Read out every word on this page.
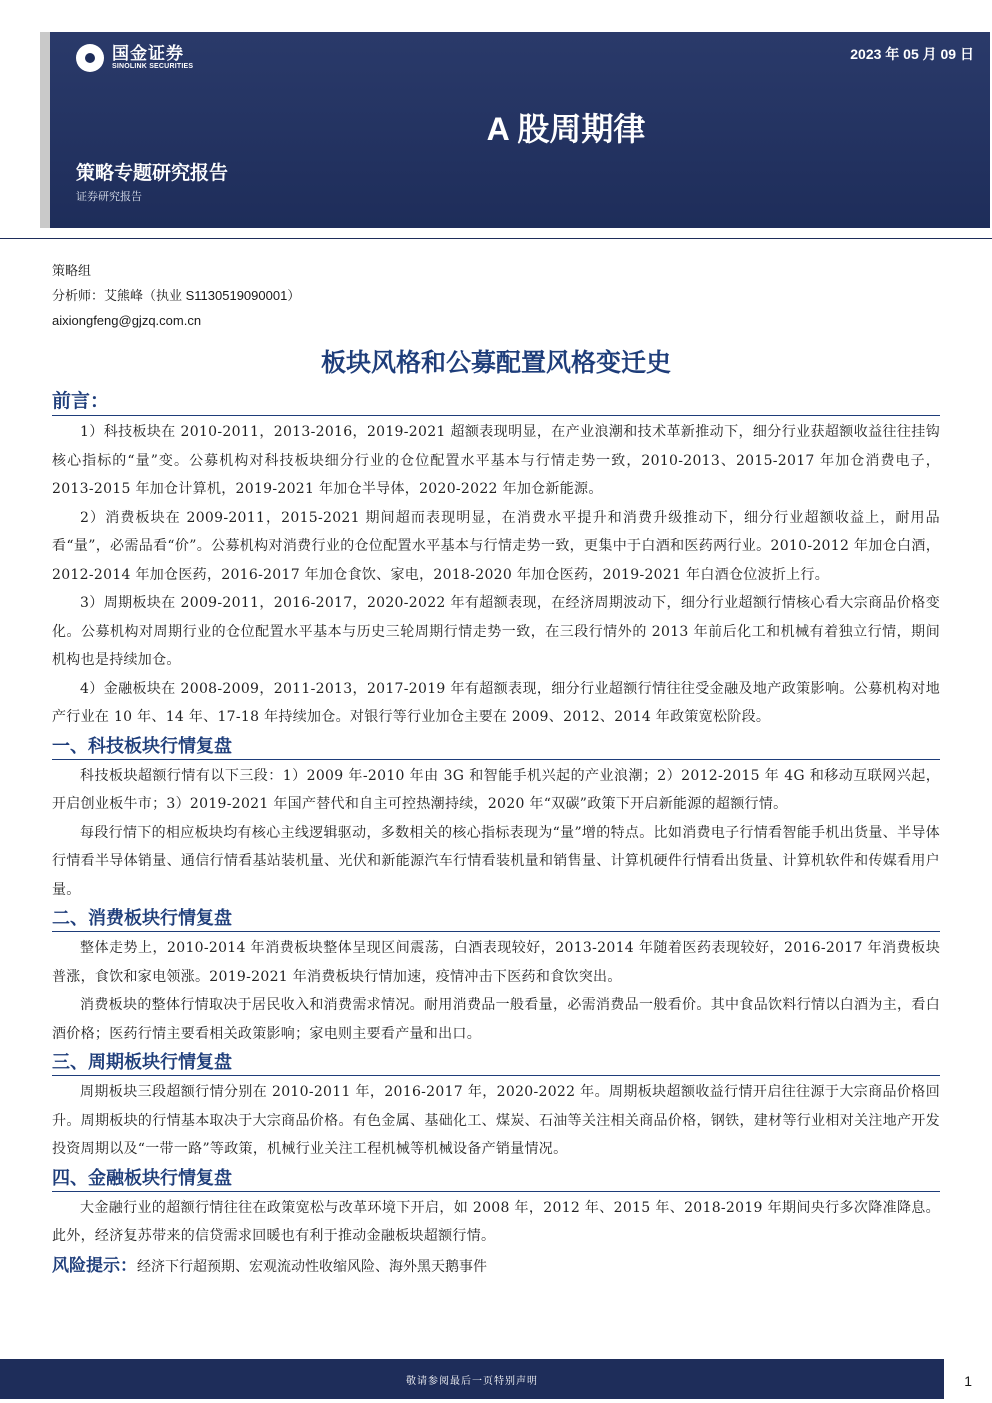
国金证券
SINOLINK SECURITIES
2023 年 05 月 09 日
A 股周期律
策略专题研究报告
证券研究报告
策略组
分析师：艾熊峰（执业 S1130519090001）
aixiongfeng@gjzq.com.cn
板块风格和公募配置风格变迁史
前言：

1）科技板块在 2010-2011，2013-2016，2019-2021 超额表现明显，在产业浪潮和技术革新推动下，细分行业获超额收益往往挂钩核心指标的“量”变。公募机构对科技板块细分行业的仓位配置水平基本与行情走势一致，2010-2013、2015-2017 年加仓消费电子，2013-2015 年加仓计算机，2019-2021 年加仓半导体，2020-2022 年加仓新能源。

2）消费板块在 2009-2011，2015-2021 期间超而表现明显，在消费水平提升和消费升级推动下，细分行业超额收益上，耐用品看“量”，必需品看“价”。公募机构对消费行业的仓位配置水平基本与行情走势一致，更集中于白酒和医药两行业。2010-2012 年加仓白酒，2012-2014 年加仓医药，2016-2017 年加仓食饮、家电，2018-2020 年加仓医药，2019-2021 年白酒仓位波折上行。

3）周期板块在 2009-2011，2016-2017，2020-2022 年有超额表现，在经济周期波动下，细分行业超额行情核心看大宗商品价格变化。公募机构对周期行业的仓位配置水平基本与历史三轮周期行情走势一致，在三段行情外的 2013 年前后化工和机械有着独立行情，期间机构也是持续加仓。

4）金融板块在 2008-2009，2011-2013，2017-2019 年有超额表现，细分行业超额行情往往受金融及地产政策影响。公募机构对地产行业在 10 年、14 年、17-18 年持续加仓。对银行等行业加仓主要在 2009、2012、2014 年政策宽松阶段。

一、科技板块行情复盘

科技板块超额行情有以下三段：1）2009 年-2010 年由 3G 和智能手机兴起的产业浪潮；2）2012-2015 年 4G 和移动互联网兴起，开启创业板牛市；3）2019-2021 年国产替代和自主可控热潮持续，2020 年“双碳”政策下开启新能源的超额行情。

每段行情下的相应板块均有核心主线逻辑驱动，多数相关的核心指标表现为“量”增的特点。比如消费电子行情看智能手机出货量、半导体行情看半导体销量、通信行情看基站装机量、光伏和新能源汽车行情看装机量和销售量、计算机硬件行情看出货量、计算机软件和传媒看用户量。

二、消费板块行情复盘

整体走势上，2010-2014 年消费板块整体呈现区间震荡，白酒表现较好，2013-2014 年随着医药表现较好，2016-2017 年消费板块普涨，食饮和家电领涨。2019-2021 年消费板块行情加速，疫情冲击下医药和食饮突出。

消费板块的整体行情取决于居民收入和消费需求情况。耐用消费品一般看量，必需消费品一般看价。其中食品饮料行情以白酒为主，看白酒价格；医药行情主要看相关政策影响；家电则主要看产量和出口。

三、周期板块行情复盘

周期板块三段超额行情分别在 2010-2011 年，2016-2017 年，2020-2022 年。周期板块超额收益行情开启往往源于大宗商品价格回升。周期板块的行情基本取决于大宗商品价格。有色金属、基础化工、煤炭、石油等关注相关商品价格，钢铁，建材等行业相对关注地产开发投资周期以及“一带一路”等政策，机械行业关注工程机械等机械设备产销量情况。

四、金融板块行情复盘

大金融行业的超额行情往往在政策宽松与改革环境下开启，如 2008 年，2012 年、2015 年、2018-2019 年期间央行多次降准降息。此外，经济复苏带来的信贷需求回暖也有利于推动金融板块超额行情。

风险提示：经济下行超预期、宏观流动性收缩风险、海外黑天鹅事件
敬请参阅最后一页特别声明	1
